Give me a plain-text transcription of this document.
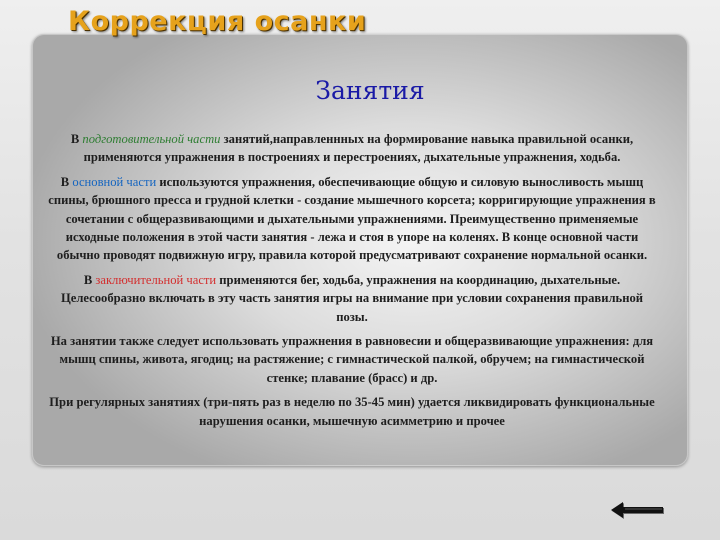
Коррекция осанки
Занятия

В подготовительной части занятий,направленнных на формирование навыка правильной осанки, применяются упражнения в построениях и перестроениях, дыхательные упражнения, ходьба.

В основной части используются упражнения, обеспечивающие общую и силовую выносливость мышц спины, брюшного пресса и грудной клетки - создание мышечного корсета; корригирующие упражнения в сочетании с общеразвивающими и дыхательными упражнениями. Преимущественно применяемые исходные положения в этой части занятия - лежа и стоя в упоре на коленях. В конце основной части обычно проводят подвижную игру, правила которой предусматривают сохранение нормальной осанки.

В заключительной части применяются бег, ходьба, упражнения на координацию, дыхательные. Целесообразно включать в эту часть занятия игры на внимание при условии сохранения правильной позы.

На занятии также следует использовать упражнения в равновесии и общеразвивающие упражнения: для мышц спины, живота, ягодиц; на растяжение; с гимнастической палкой, обручем; на гимнастической стенке; плавание (брасс) и др.

При регулярных занятиях (три-пять раз в неделю по 35-45 мин) удается ликвидировать функциональные нарушения осанки, мышечную асимметрию и прочее
